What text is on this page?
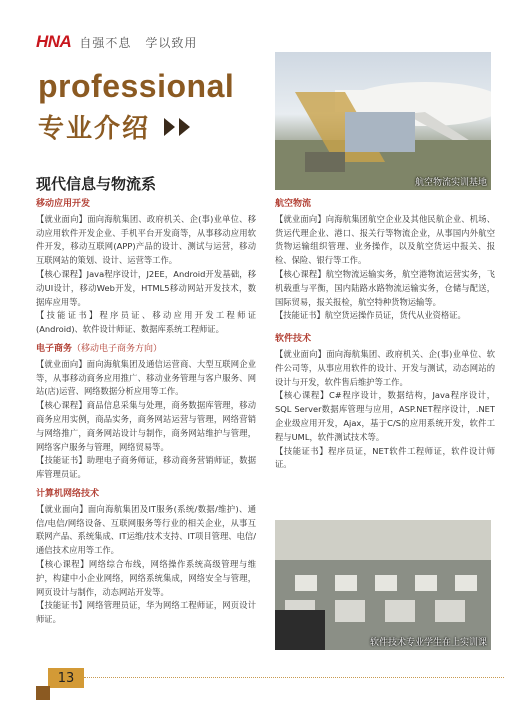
HNA 自强不息 学以致用
professional
专业介绍
现代信息与物流系
移动应用开发

【就业面向】面向海航集团、政府机关、企(事)业单位、移动应用软件开发企业、手机平台开发商等，从事移动应用软件开发，移动互联网(APP)产品的设计、测试与运营，移动互联网站的策划、设计、运营等工作。

【核心课程】Java程序设计，J2EE，Android开发基础，移动UI设计，移动Web开发，HTML5移动网站开发技术，数据库应用等。

【技能证书】程序员证、移动应用开发工程师证(Android)、软件设计师证、数据库系统工程师证。

电子商务（移动电子商务方向）

【就业面向】面向海航集团及通信运营商、大型互联网企业等，从事移动商务应用推广、移动业务管理与客户服务、网站(店)运营、网络数据分析应用等工作。

【核心课程】商品信息采集与处理，商务数据库管理，移动商务应用实例，商品实务，商务网站运营与管理，网络营销与网络推广，商务网站设计与制作，商务网站维护与管理，网络客户服务与管理，网络贸易等。

【技能证书】助理电子商务师证，移动商务营销师证，数据库管理员证。

计算机网络技术

【就业面向】面向海航集团及IT服务(系统/数据/维护)、通信/电信/网络设备、互联网服务等行业的相关企业，从事互联网产品、系统集成、IT运维/技术支持、IT项目管理、电信/通信技术应用等工作。

【核心课程】网络综合布线，网络操作系统高级管理与维护，构建中小企业网络，网络系统集成，网络安全与管理，网页设计与制作，动态网站开发等。

【技能证书】网络管理员证，华为网络工程师证，网页设计师证。

航空物流

【就业面向】向海航集团航空企业及其他民航企业、机场、货运代理企业、港口、报关行等物流企业，从事国内外航空货物运输组织管理、业务操作，以及航空货运中报关、报检、保险、银行等工作。

【核心课程】航空物流运输实务，航空港物流运营实务，飞机载重与平衡，国内陆路水路物流运输实务，仓储与配送，国际贸易，报关报检，航空特种货物运输等。

【技能证书】航空货运操作员证，货代从业资格证。

软件技术

【就业面向】面向海航集团、政府机关、企(事)业单位、软件公司等，从事应用软件的设计、开发与测试，动态网站的设计与开发，软件售后维护等工作。

【核心课程】C#程序设计，数据结构，Java程序设计，SQL Server数据库管理与应用，ASP.NET程序设计，.NET企业级应用开发，Ajax，基于C/S的应用系统开发，软件工程与UML，软件测试技术等。

【技能证书】程序员证，NET软件工程师证，软件设计师证。

航空物流实训基地
软件技术专业学生在上实训课
13
